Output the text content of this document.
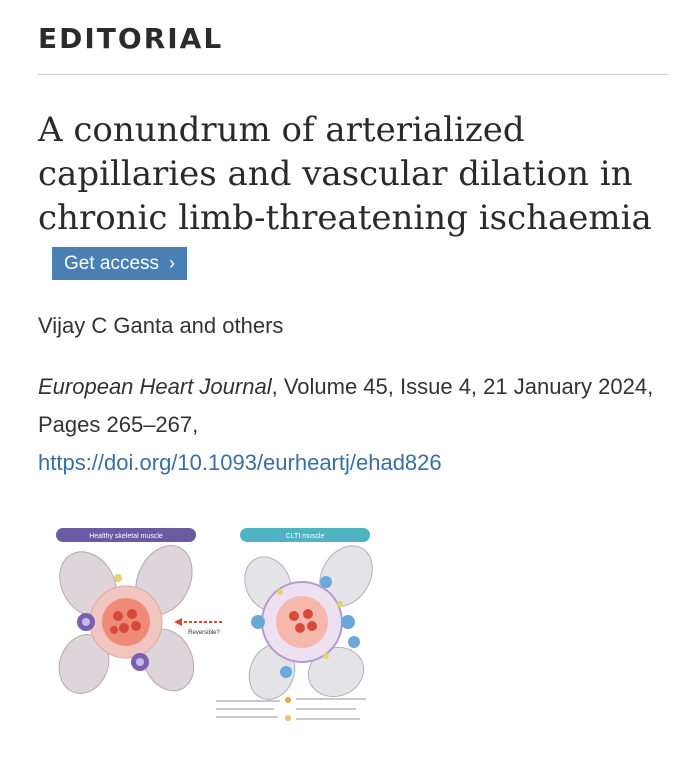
EDITORIAL
A conundrum of arterialized capillaries and vascular dilation in chronic limb-threatening ischaemiaGet access ›
Vijay C Ganta and others
European Heart Journal, Volume 45, Issue 4, 21 January 2024, Pages 265–267,
https://doi.org/10.1093/eurheartj/ehad826
Healthy skeletal muscle	CLTI muscle
Reversible?
